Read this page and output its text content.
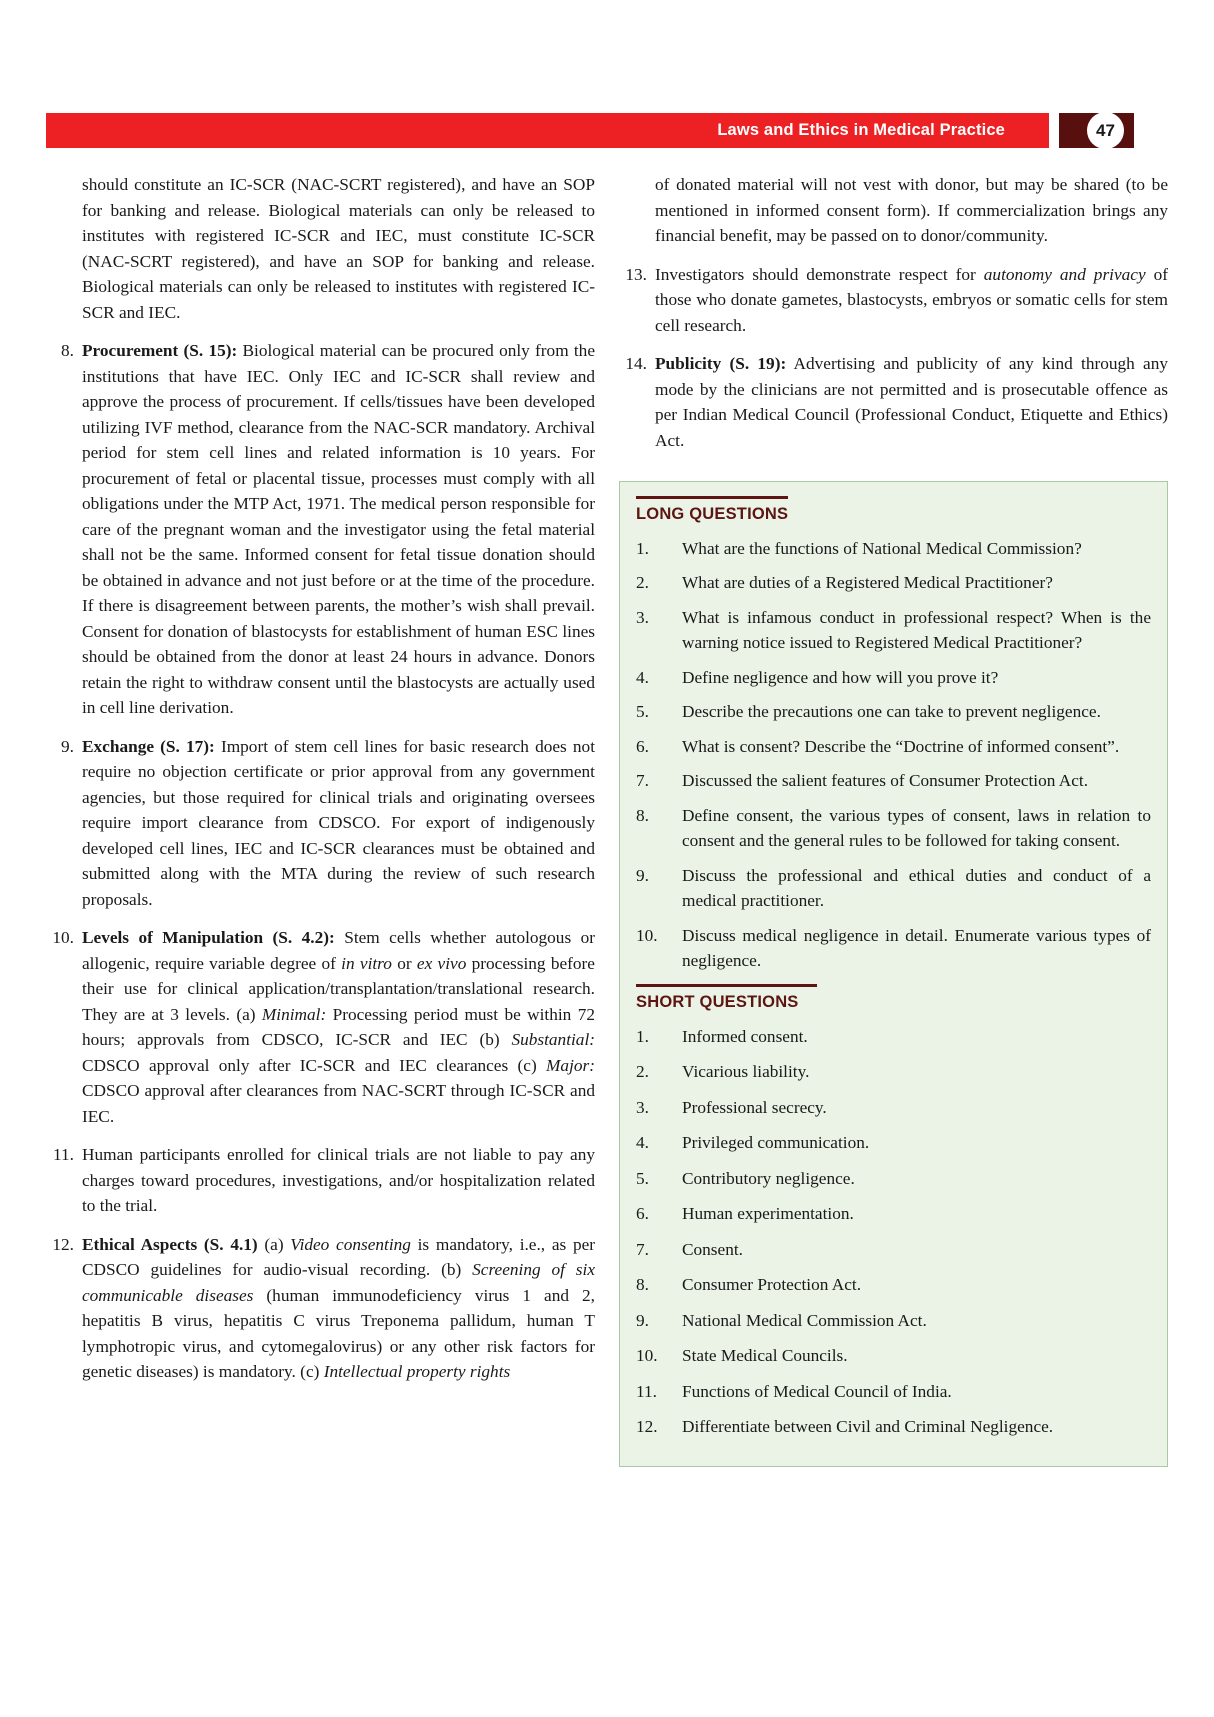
Laws and Ethics in Medical Practice	47

should constitute an IC-SCR (NAC-SCRT registered), and have an SOP for banking and release. Biological materials can only be released to institutes with registered IC-SCR and IEC, must constitute IC-SCR (NAC-SCRT registered), and have an SOP for banking and release. Biological materials can only be released to institutes with registered IC-SCR and IEC.

8. Procurement (S. 15): Biological material can be procured only from the institutions that have IEC. Only IEC and IC-SCR shall review and approve the process of procurement. If cells/tissues have been developed utilizing IVF method, clearance from the NAC-SCR mandatory. Archival period for stem cell lines and related information is 10 years. For procurement of fetal or placental tissue, processes must comply with all obligations under the MTP Act, 1971. The medical person responsible for care of the pregnant woman and the investigator using the fetal material shall not be the same. Informed consent for fetal tissue donation should be obtained in advance and not just before or at the time of the procedure. If there is disagreement between parents, the mother’s wish shall prevail. Consent for donation of blastocysts for establishment of human ESC lines should be obtained from the donor at least 24 hours in advance. Donors retain the right to withdraw consent until the blastocysts are actually used in cell line derivation.
9. Exchange (S. 17): Import of stem cell lines for basic research does not require no objection certificate or prior approval from any government agencies, but those required for clinical trials and originating oversees require import clearance from CDSCO. For export of indigenously developed cell lines, IEC and IC-SCR clearances must be obtained and submitted along with the MTA during the review of such research proposals.
10. Levels of Manipulation (S. 4.2): Stem cells whether autologous or allogenic, require variable degree of in vitro or ex vivo processing before their use for clinical application/transplantation/translational research. They are at 3 levels. (a) Minimal: Processing period must be within 72 hours; approvals from CDSCO, IC-SCR and IEC (b) Substantial: CDSCO approval only after IC-SCR and IEC clearances (c) Major: CDSCO approval after clearances from NAC-SCRT through IC-SCR and IEC.
11. Human participants enrolled for clinical trials are not liable to pay any charges toward procedures, investigations, and/or hospitalization related to the trial.
12. Ethical Aspects (S. 4.1) (a) Video consenting is mandatory, i.e., as per CDSCO guidelines for audio-visual recording. (b) Screening of six communicable diseases (human immunodeficiency virus 1 and 2, hepatitis B virus, hepatitis C virus Treponema pallidum, human T lymphotropic virus, and cytomegalovirus) or any other risk factors for genetic diseases) is mandatory. (c) Intellectual property rights

of donated material will not vest with donor, but may be shared (to be mentioned in informed consent form). If commercialization brings any financial benefit, may be passed on to donor/community.

13. Investigators should demonstrate respect for autonomy and privacy of those who donate gametes, blastocysts, embryos or somatic cells for stem cell research.
14. Publicity (S. 19): Advertising and publicity of any kind through any mode by the clinicians are not permitted and is prosecutable offence as per Indian Medical Council (Professional Conduct, Etiquette and Ethics) Act.
LONG QUESTIONS
1.	What are the functions of National Medical Commission?
2.	What are duties of a Registered Medical Practitioner?
3.	What is infamous conduct in professional respect? When is the warning notice issued to Registered Medical Practitioner?
4.	Define negligence and how will you prove it?
5.	Describe the precautions one can take to prevent negligence.
6.	What is consent? Describe the “Doctrine of informed consent”.
7.	Discussed the salient features of Consumer Protection Act.
8.	Define consent, the various types of consent, laws in relation to consent and the general rules to be followed for taking consent.
9.	Discuss the professional and ethical duties and conduct of a medical practitioner.
10.	Discuss medical negligence in detail. Enumerate various types of negligence.
SHORT QUESTIONS
1.	Informed consent.
2.	Vicarious liability.
3.	Professional secrecy.
4.	Privileged communication.
5.	Contributory negligence.
6.	Human experimentation.
7.	Consent.
8.	Consumer Protection Act.
9.	National Medical Commission Act.
10.	State Medical Councils.
11.	Functions of Medical Council of India.
12.	Differentiate between Civil and Criminal Negligence.
